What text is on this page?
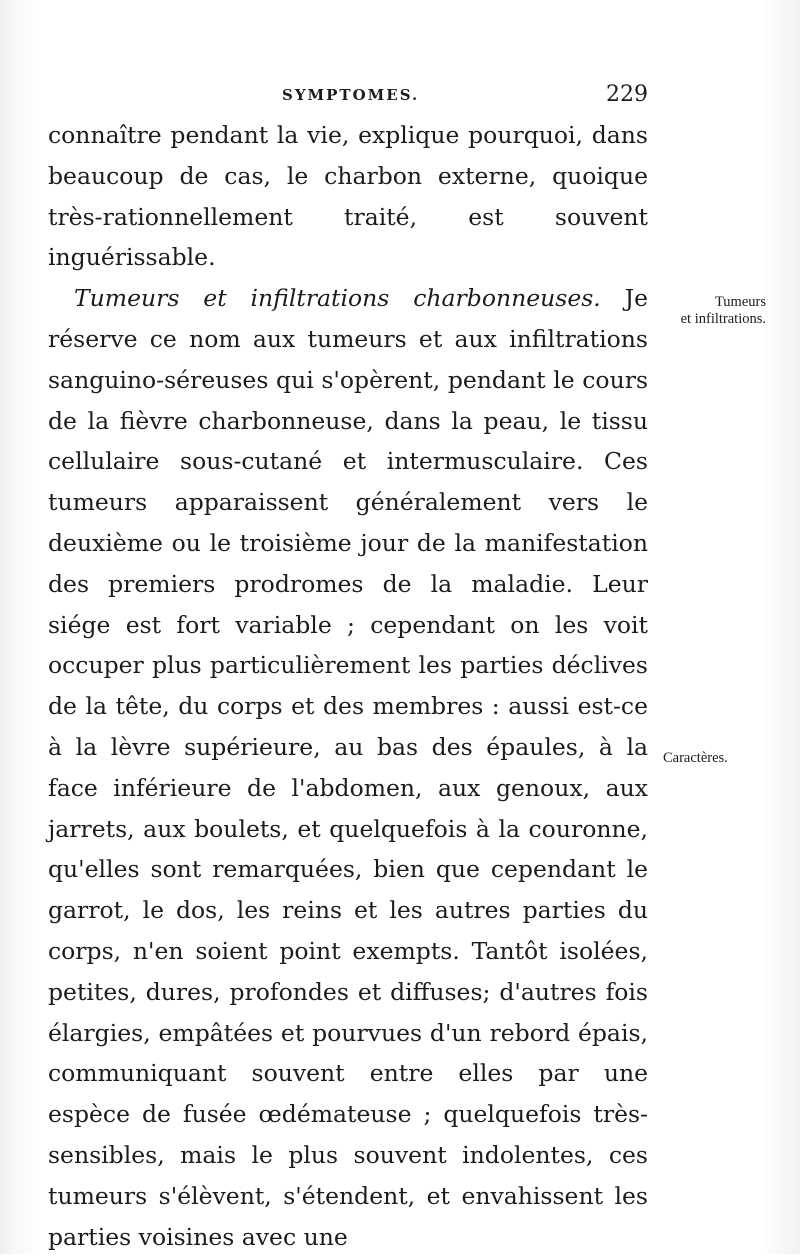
SYMPTOMES.	229

connaître pendant la vie, explique pourquoi, dans beaucoup de cas, le charbon externe, quoique très-rationnellement traité, est souvent inguérissable.

Tumeurs et infiltrations charbonneuses. Je réserve ce nom aux tumeurs et aux infiltrations sanguino-séreuses qui s'opèrent, pendant le cours de la fièvre charbonneuse, dans la peau, le tissu cellulaire sous-cutané et intermusculaire. Ces tumeurs apparaissent généralement vers le deuxième ou le troisième jour de la manifestation des premiers prodromes de la maladie. Leur siége est fort variable ; cependant on les voit occuper plus particulièrement les parties déclives de la tête, du corps et des membres : aussi est-ce à la lèvre supérieure, au bas des épaules, à la face inférieure de l'abdomen, aux genoux, aux jarrets, aux boulets, et quelquefois à la couronne, qu'elles sont remarquées, bien que cependant le garrot, le dos, les reins et les autres parties du corps, n'en soient point exempts. Tantôt isolées, petites, dures, profondes et diffuses; d'autres fois élargies, empâtées et pourvues d'un rebord épais, communiquant souvent entre elles par une espèce de fusée œdémateuse ; quelquefois très-sensibles, mais le plus souvent indolentes, ces tumeurs s'élèvent, s'étendent, et envahissent les parties voisines avec une

Tumeurs
et infiltrations.
Caractères.
